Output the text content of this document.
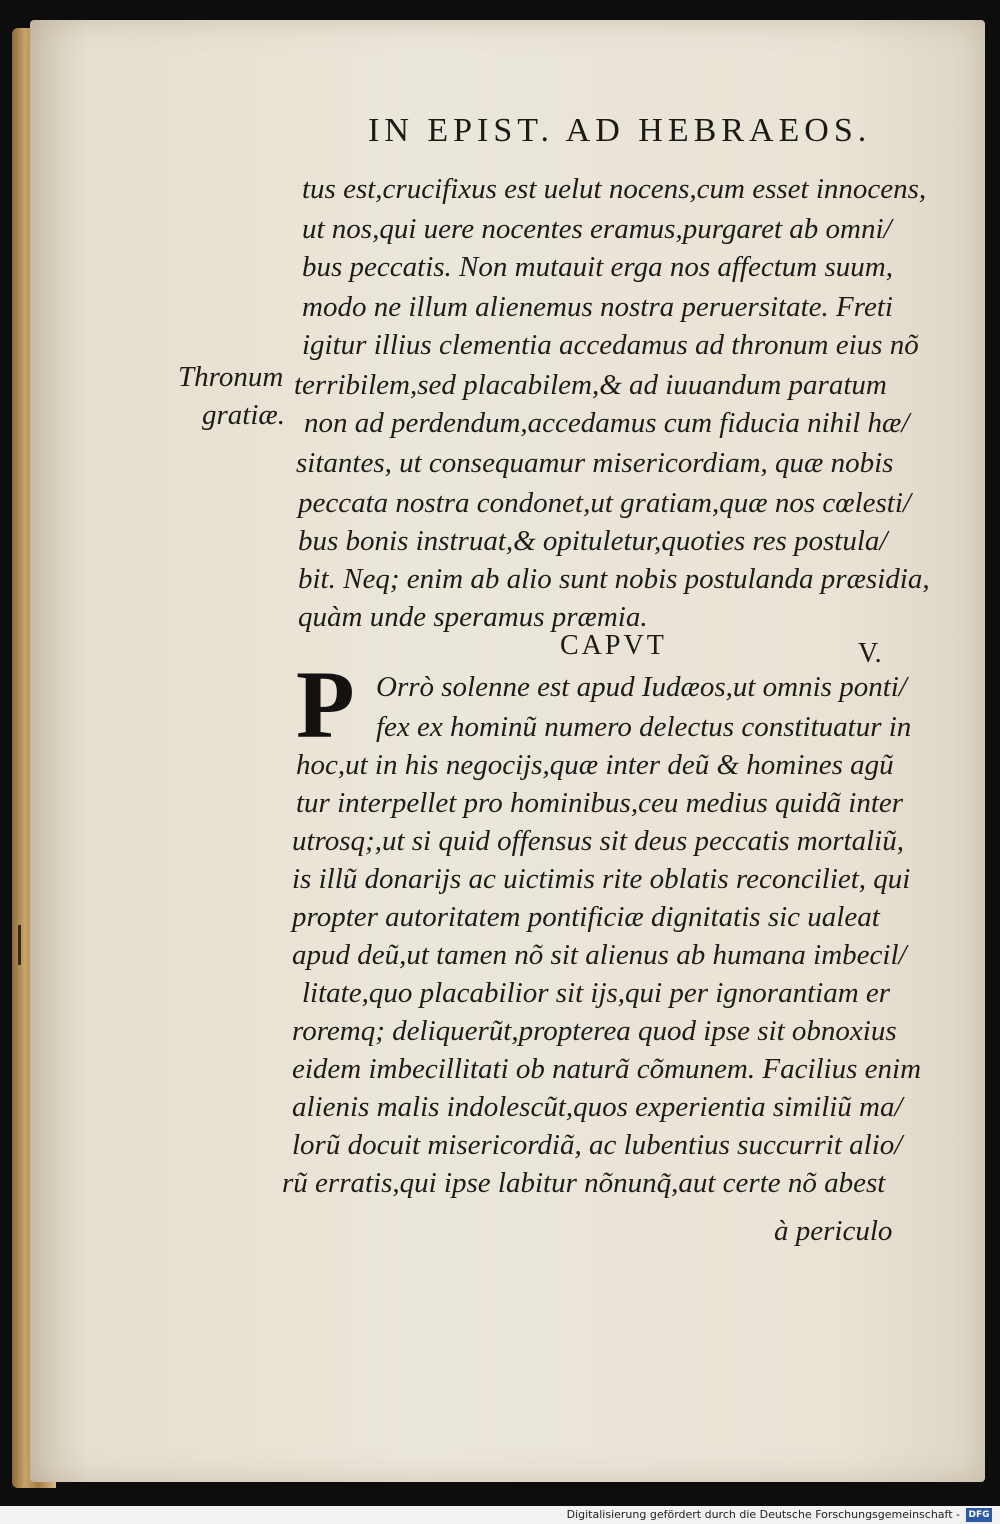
IN EPIST. AD HEBRAEOS.
tus est,crucifixus est uelut nocens,cum esset innocens,
ut nos,qui uere nocentes eramus,purgaret ab omni/
bus peccatis. Non mutauit erga nos affectum suum,
modo ne illum alienemus nostra peruersitate. Freti
igitur illius clementia accedamus ad thronum eius nõ
terribilem,sed placabilem,& ad iuuandum paratum
non ad perdendum,accedamus cum fiducia nihil hæ/
sitantes, ut consequamur misericordiam, quæ nobis
peccata nostra condonet,ut gratiam,quæ nos cœlesti/
bus bonis instruat,& opituletur,quoties res postula/
bit. Neq; enim ab alio sunt nobis postulanda præsidia,
quàm unde speramus præmia.
Thronum
gratiæ.
CAPVT	V.
P Orrò solenne est apud Iudæos,ut omnis ponti/
fex ex hominũ numero delectus constituatur in
hoc,ut in his negocijs,quæ inter deũ & homines agũ
tur interpellet pro hominibus,ceu medius quidã inter
utrosq;,ut si quid offensus sit deus peccatis mortaliũ,
is illũ donarijs ac uictimis rite oblatis reconciliet, qui
propter autoritatem pontificiæ dignitatis sic ualeat
apud deũ,ut tamen nõ sit alienus ab humana imbecil/
litate,quo placabilior sit ijs,qui per ignorantiam er
roremq; deliquerũt,propterea quod ipse sit obnoxius
eidem imbecillitati ob naturã cõmunem. Facilius enim
alienis malis indolescũt,quos experientia similiũ ma/
lorũ docuit misericordiã, ac lubentius succurrit alio/
rũ erratis,qui ipse labitur nõnunq̃,aut certe nõ abest
à periculo
Digitalisierung gefördert durch die Deutsche Forschungsgemeinschaft - DFG
